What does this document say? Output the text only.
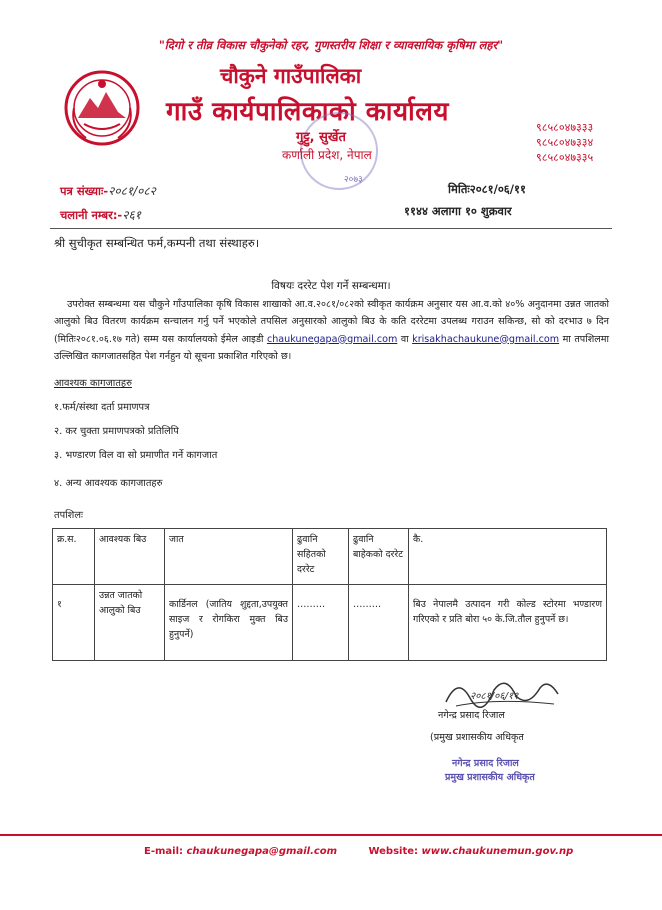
"दिगो र तीव्र विकास चौकुनेको रहर, गुणस्तरीय शिक्षा र व्यावसायिक कृषिमा लहर"
चौकुने गाउँपालिका
गाउँ कार्यपालिकाको कार्यालय
गुट्टु, सुर्खेत
कर्णाली प्रदेश, नेपाल
२०७३
९८५८०४७३३३
९८५८०४७३३४
९८५८०४७३३५
पत्र संख्याः-२०८१/०८२
चलानी नम्बर:-२६१
मितिः२०८१/०६/११
११४४ अलागा १० शुक्रवार
श्री सुचीकृत सम्बन्धित फर्म,कम्पनी तथा संस्थाहरु।
विषयः दररेट पेश गर्ने सम्बन्धमा।
उपरोक्त सम्बन्धमा यस चौकुने गाँउपालिका कृषि विकास शाखाको आ.व.२०८१/०८२को स्वीकृत कार्यक्रम अनुसार यस आ.व.को ४०% अनुदानमा उन्नत जातको आलुको बिउ वितरण कार्यक्रम सन्चालन गर्नु पर्ने भएकोले तपसिल अनुसारको आलुको बिउ के कति दररेटमा उपलब्ध गराउन सकिन्छ, सो को दरभाउ ७ दिन (मितिः२०८१.०६.१७ गते) सम्म यस कार्यालयको ईमेल आइडी chaukunegapa@gmail.com वा krisakhachaukune@gmail.com मा तपशिलमा उल्लिखित कागजातसहित पेश गर्नहुन यो सूचना प्रकाशित गरिएको छ।
आवश्यक कागजातहरु
१.फर्म/संस्था दर्ता प्रमाणपत्र
२. कर चुक्ता प्रमाणपत्रको प्रतिलिपि
३. भण्डारण विल वा सो प्रमाणीत गर्ने कागजात
४. अन्य आवश्यक कागजातहरु
तपशिलः
क्र.स.	आवश्यक बिउ	जात	ढुवानि सहितको दररेट	ढुवानि बाहेकको दररेट	कै.
१	उन्नत जातको आलुको बिउ	कार्डिनल (जातिय शुद्दता,उपयुक्त साइज र रोगकिरा मुक्त बिउ हुनुपर्ने)	………	………	बिउ नेपालमै उत्पादन गरी कोल्ड स्टोरमा भण्डारण गरिएको र प्रति बोरा ५० के.जि.तौल हुनुपर्ने छ।
२०८१/०६/११
नगेन्द्र प्रसाद रिजाल
(प्रमुख प्रशासकीय अधिकृत
नगेन्द्र प्रसाद रिजाल
प्रमुख प्रशासकीय अधिकृत
E-mail: chaukunegapa@gmail.com	Website: www.chaukunemun.gov.np
